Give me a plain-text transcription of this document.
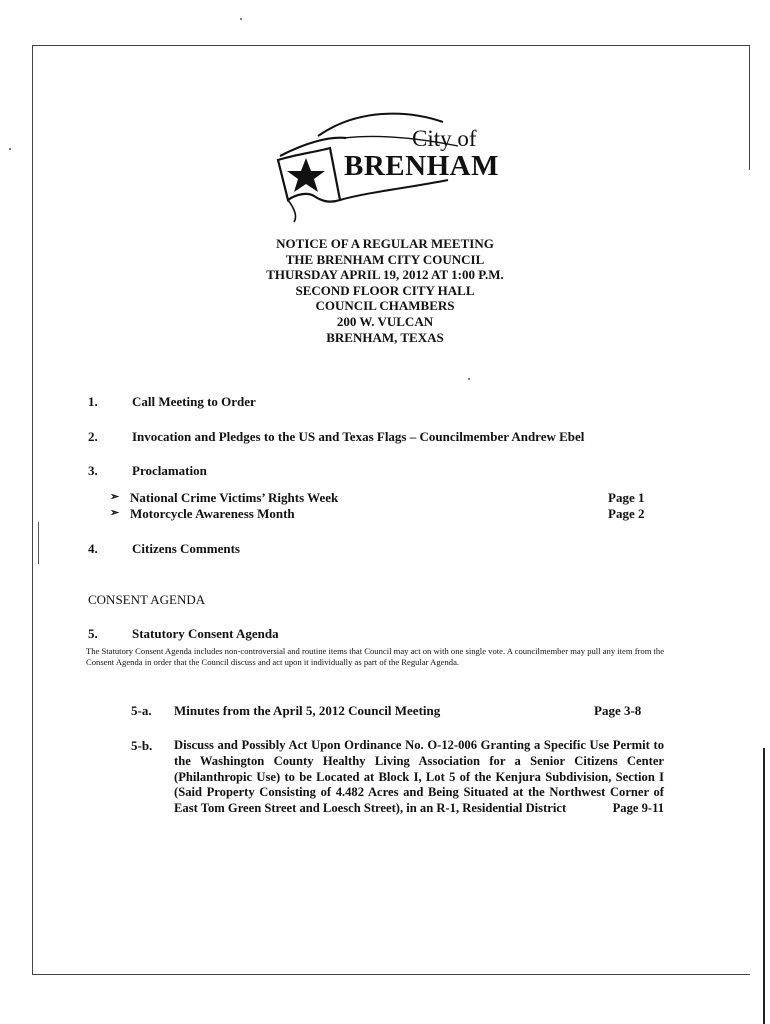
City of
BRENHAM
NOTICE OF A REGULAR MEETING
THE BRENHAM CITY COUNCIL
THURSDAY APRIL 19, 2012 AT 1:00 P.M.
SECOND FLOOR CITY HALL
COUNCIL CHAMBERS
200 W. VULCAN
BRENHAM, TEXAS
1.	Call Meeting to Order
2.	Invocation and Pledges to the US and Texas Flags – Councilmember Andrew Ebel
3.	Proclamation
➢ National Crime Victims’ Rights Week	Page 1
➢ Motorcycle Awareness Month	Page 2
4.	Citizens Comments
CONSENT AGENDA
5.	Statutory Consent Agenda
The Statutory Consent Agenda includes non-controversial and routine items that Council may act on with one single vote. A councilmember may pull any item from the Consent Agenda in order that the Council discuss and act upon it individually as part of the Regular Agenda.
5-a. Minutes from the April 5, 2012 Council Meeting	Page 3-8
5-b. Discuss and Possibly Act Upon Ordinance No. O-12-006 Granting a Specific Use Permit to the Washington County Healthy Living Association for a Senior Citizens Center (Philanthropic Use) to be Located at Block I, Lot 5 of the Kenjura Subdivision, Section I (Said Property Consisting of 4.482 Acres and Being Situated at the Northwest Corner of East Tom Green Street and Loesch Street), in an R-1, Residential District	Page 9-11
